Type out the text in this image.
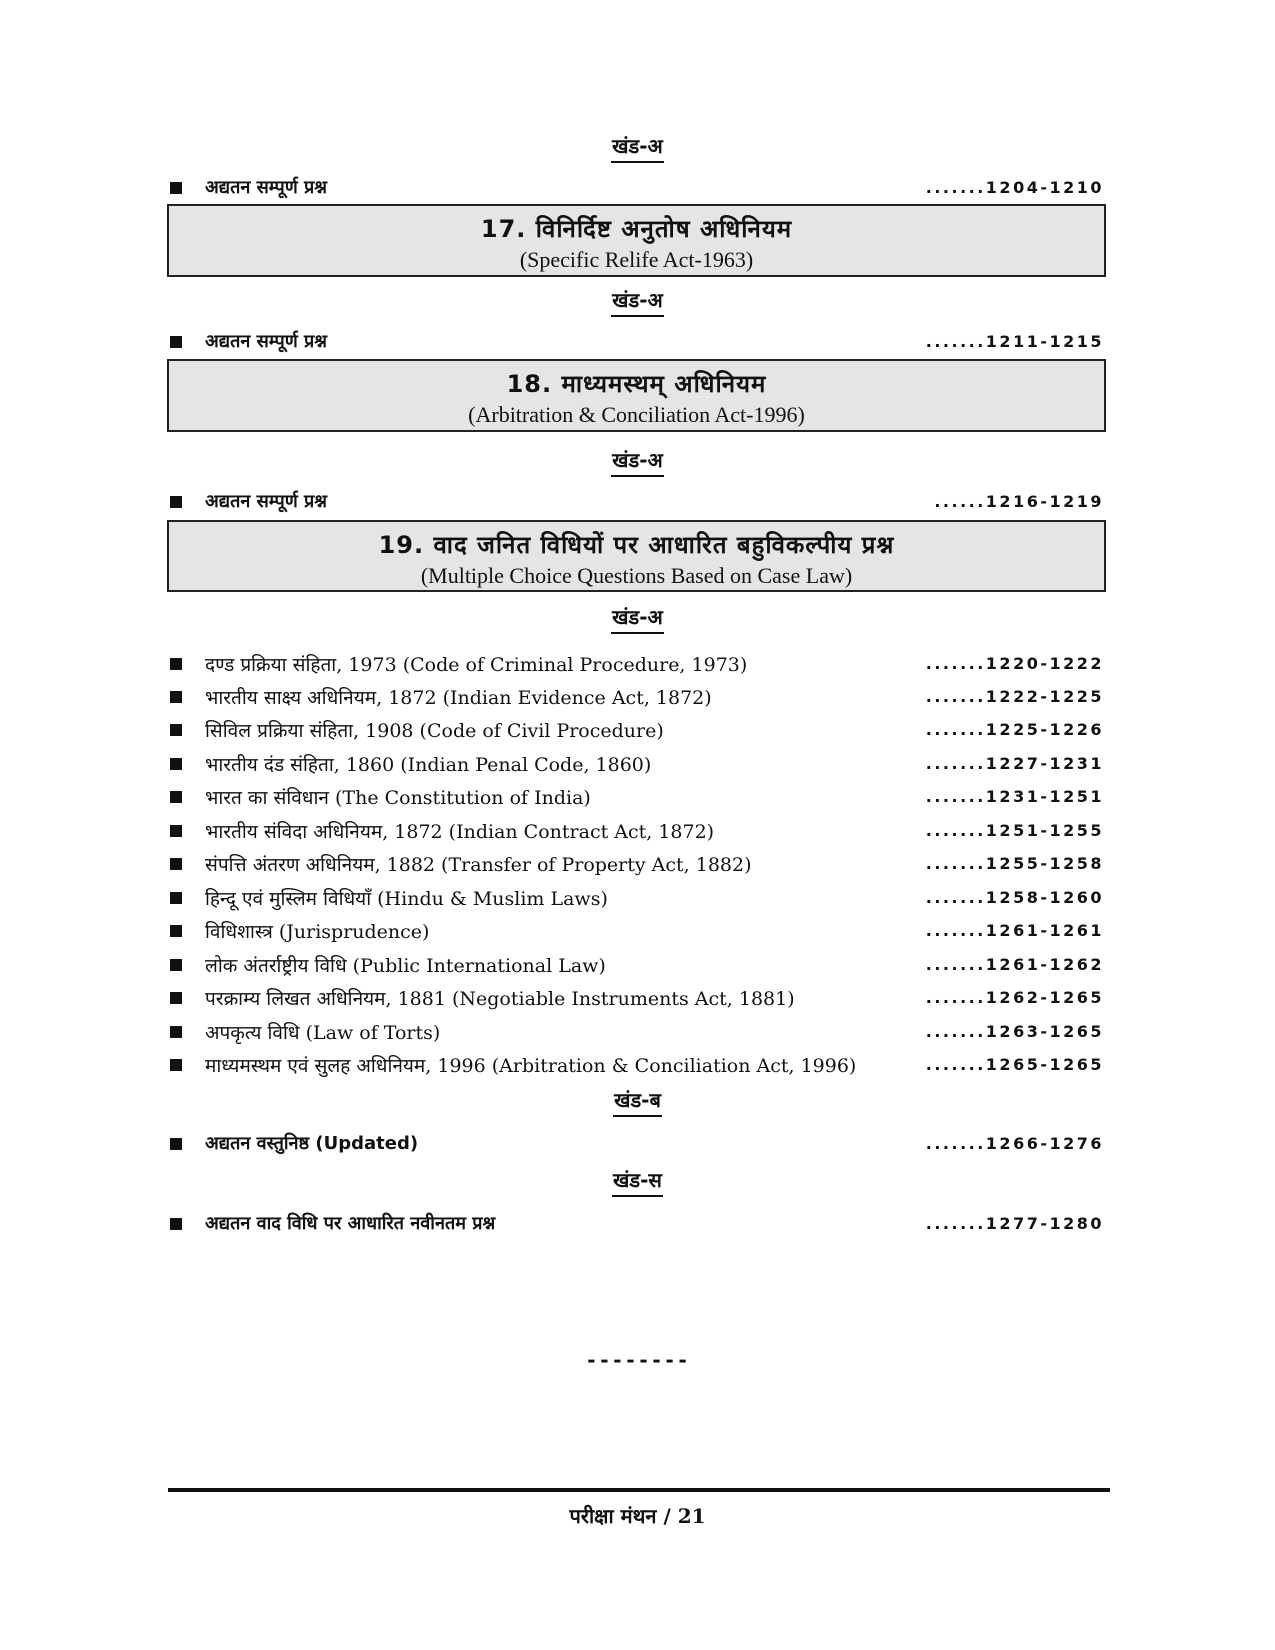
खंड-अ
अद्यतन सम्पूर्ण प्रश्न	.......1204-1210
17. विनिर्दिष्ट अनुतोष अधिनियम
(Specific Relife Act-1963)
खंड-अ
अद्यतन सम्पूर्ण प्रश्न	.......1211-1215
18. माध्यमस्थम् अधिनियम
(Arbitration & Conciliation Act-1996)
खंड-अ
अद्यतन सम्पूर्ण प्रश्न	......1216-1219
19. वाद जनित विधियों पर आधारित बहुविकल्पीय प्रश्न
(Multiple Choice Questions Based on Case Law)
खंड-अ
दण्ड प्रक्रिया संहिता, 1973 (Code of Criminal Procedure, 1973)	.......1220-1222
भारतीय साक्ष्य अधिनियम, 1872 (Indian Evidence Act, 1872)	.......1222-1225
सिविल प्रक्रिया संहिता, 1908 (Code of Civil Procedure)	.......1225-1226
भारतीय दंड संहिता, 1860 (Indian Penal Code, 1860)	.......1227-1231
भारत का संविधान (The Constitution of India)	.......1231-1251
भारतीय संविदा अधिनियम, 1872 (Indian Contract Act, 1872)	.......1251-1255
संपत्ति अंतरण अधिनियम, 1882 (Transfer of Property Act, 1882)	.......1255-1258
हिन्दू एवं मुस्लिम विधियाँ (Hindu & Muslim Laws)	.......1258-1260
विधिशास्त्र (Jurisprudence)	.......1261-1261
लोक अंतर्राष्ट्रीय विधि (Public International Law)	.......1261-1262
परक्राम्य लिखत अधिनियम, 1881 (Negotiable Instruments Act, 1881)	.......1262-1265
अपकृत्य विधि (Law of Torts)	.......1263-1265
माध्यमस्थम एवं सुलह अधिनियम, 1996 (Arbitration & Conciliation Act, 1996)	.......1265-1265
खंड-ब
अद्यतन वस्तुनिष्ठ (Updated)	.......1266-1276
खंड-स
अद्यतन वाद विधि पर आधारित नवीनतम प्रश्न	.......1277-1280
--------
परीक्षा मंथन / 21
